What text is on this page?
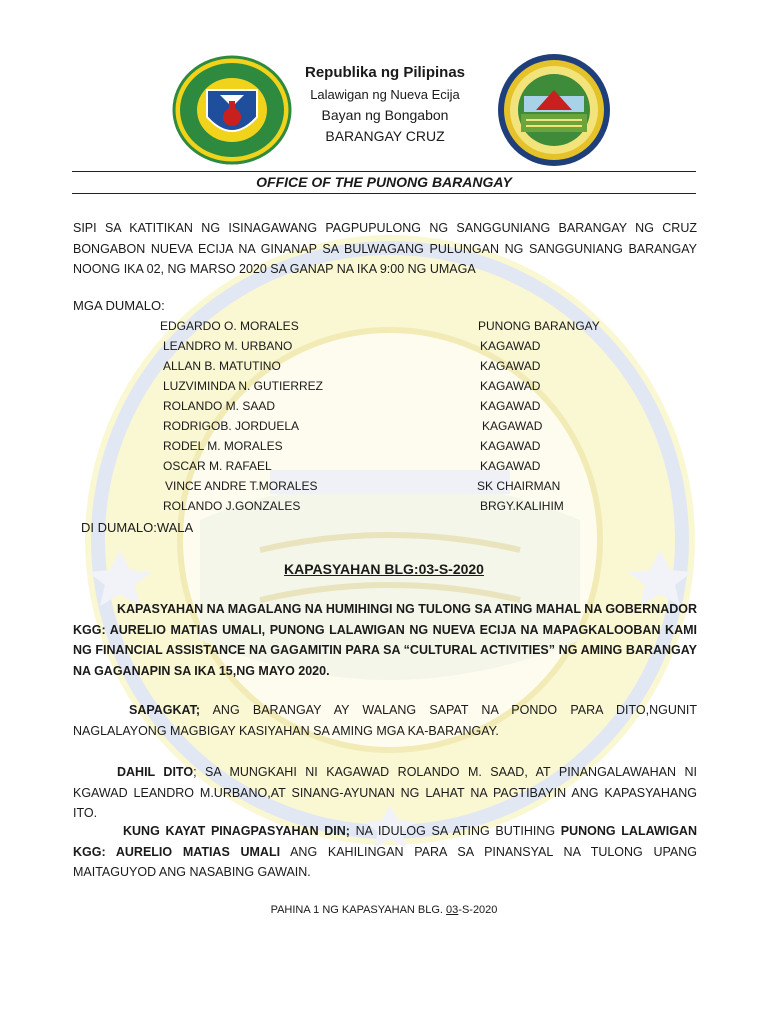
Republika ng Pilipinas
Lalawigan ng Nueva Ecija
Bayan ng Bongabon
BARANGAY CRUZ
OFFICE OF THE PUNONG BARANGAY
SIPI SA KATITIKAN NG ISINAGAWANG PAGPUPULONG NG SANGGUNIANG BARANGAY NG CRUZ BONGABON NUEVA ECIJA NA GINANAP SA BULWAGANG PULUNGAN NG SANGGUNIANG BARANGAY NOONG IKA 02, NG MARSO 2020 SA GANAP NA IKA 9:00 NG UMAGA
MGA DUMALO:
EDGARDO O. MORALES	PUNONG BARANGAY
LEANDRO M. URBANO	KAGAWAD
ALLAN B. MATUTINO	KAGAWAD
LUZVIMINDA N. GUTIERREZ	KAGAWAD
ROLANDO M. SAAD	KAGAWAD
RODRIGOB. JORDUELA	KAGAWAD
RODEL M. MORALES	KAGAWAD
OSCAR M. RAFAEL	KAGAWAD
VINCE ANDRE T.MORALES	SK CHAIRMAN
ROLANDO J.GONZALES	BRGY.KALIHIM
DI DUMALO:WALA
KAPASYAHAN BLG:03-S-2020
KAPASYAHAN NA MAGALANG NA HUMIHINGI NG TULONG SA ATING MAHAL NA GOBERNADOR KGG: AURELIO MATIAS UMALI, PUNONG LALAWIGAN NG NUEVA ECIJA NA MAPAGKALOOBAN KAMI NG FINANCIAL ASSISTANCE NA GAGAMITIN PARA SA “CULTURAL ACTIVITIES” NG AMING BARANGAY NA GAGANAPIN SA IKA 15,NG MAYO 2020.
SAPAGKAT; ANG BARANGAY AY WALANG SAPAT NA PONDO PARA DITO,NGUNIT NAGLALAYONG MAGBIGAY KASIYAHAN SA AMING MGA KA-BARANGAY.
DAHIL DITO; SA MUNGKAHI NI KAGAWAD ROLANDO M. SAAD, AT PINANGALAWAHAN NI KGAWAD LEANDRO M.URBANO,AT SINANG-AYUNAN NG LAHAT NA PAGTIBAYIN ANG KAPASYAHANG ITO.
KUNG KAYAT PINAGPASYAHAN DIN; NA IDULOG SA ATING BUTIHING PUNONG LALAWIGAN KGG: AURELIO MATIAS UMALI ANG KAHILINGAN PARA SA PINANSYAL NA TULONG UPANG MAITAGUYOD ANG NASABING GAWAIN.
PAHINA 1 NG KAPASYAHAN BLG. 03-S-2020
